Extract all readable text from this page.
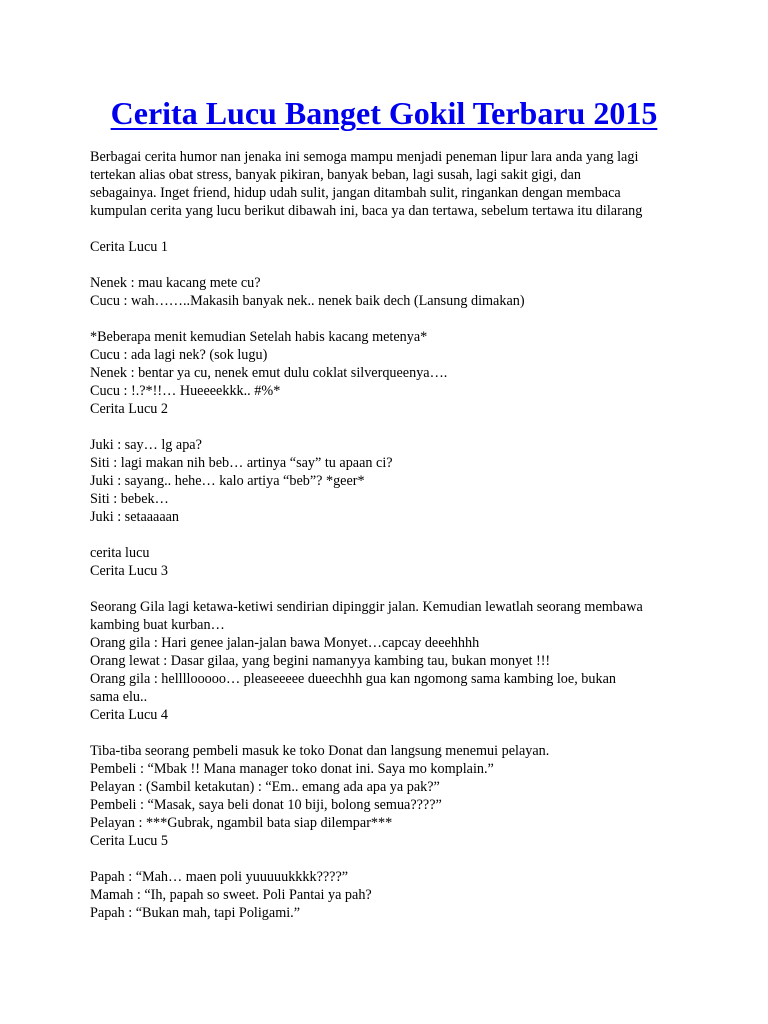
Cerita Lucu Banget Gokil Terbaru 2015

Berbagai cerita humor nan jenaka ini semoga mampu menjadi peneman lipur lara anda yang lagi
tertekan alias obat stress, banyak pikiran, banyak beban, lagi susah, lagi sakit gigi, dan
sebagainya. Inget friend, hidup udah sulit, jangan ditambah sulit, ringankan dengan membaca
kumpulan cerita yang lucu berikut dibawah ini, baca ya dan tertawa, sebelum tertawa itu dilarang

Cerita Lucu 1

Nenek : mau kacang mete cu?
Cucu : wah……..Makasih banyak nek.. nenek baik dech (Lansung dimakan)

*Beberapa menit kemudian Setelah habis kacang metenya*
Cucu : ada lagi nek? (sok lugu)
Nenek : bentar ya cu, nenek emut dulu coklat silverqueenya….
Cucu : !.?*!!… Hueeeekkk.. #%*
Cerita Lucu 2

Juki : say… lg apa?
Siti : lagi makan nih beb… artinya “say” tu apaan ci?
Juki : sayang.. hehe… kalo artiya “beb”? *geer*
Siti : bebek…
Juki : setaaaaan

cerita lucu
Cerita Lucu 3

Seorang Gila lagi ketawa-ketiwi sendirian dipinggir jalan. Kemudian lewatlah seorang membawa
kambing buat kurban…
Orang gila : Hari genee jalan-jalan bawa Monyet…capcay deeehhhh
Orang lewat : Dasar gilaa, yang begini namanyya kambing tau, bukan monyet !!!
Orang gila : hellllooooo… pleaseeeee dueechhh gua kan ngomong sama kambing loe, bukan
sama elu..
Cerita Lucu 4

Tiba-tiba seorang pembeli masuk ke toko Donat dan langsung menemui pelayan.
Pembeli : “Mbak !! Mana manager toko donat ini. Saya mo komplain.”
Pelayan : (Sambil ketakutan) : “Em.. emang ada apa ya pak?”
Pembeli : “Masak, saya beli donat 10 biji, bolong semua????”
Pelayan : ***Gubrak, ngambil bata siap dilempar***
Cerita Lucu 5

Papah : “Mah… maen poli yuuuuukkkk????”
Mamah : “Ih, papah so sweet. Poli Pantai ya pah?
Papah : “Bukan mah, tapi Poligami.”
